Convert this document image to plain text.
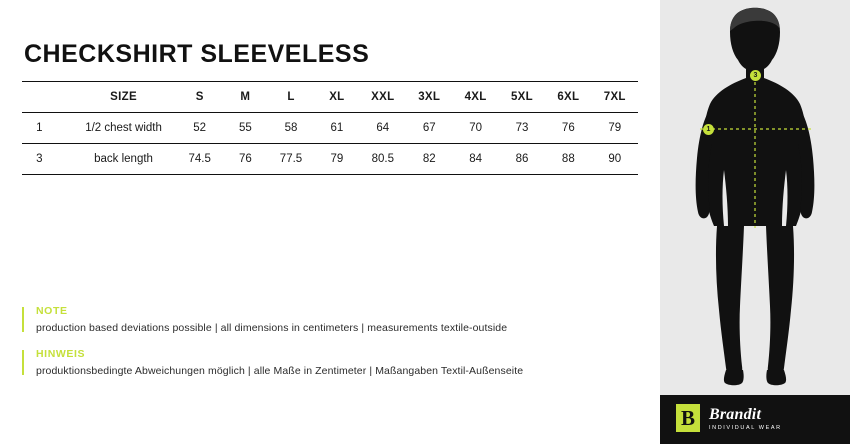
CHECKSHIRT SLEEVELESS
	SIZE	S	M	L	XL	XXL	3XL	4XL	5XL	6XL	7XL
1	1/2 chest width	52	55	58	61	64	67	70	73	76	79
3	back length	74.5	76	77.5	79	80.5	82	84	86	88	90
NOTE
production based deviations possible | all dimensions in centimeters | measurements textile-outside
HINWEIS
produktionsbedingte Abweichungen möglich | alle Maße in Zentimeter | Maßangaben Textil-Außenseite
1
3
B Brandit
INDIVIDUAL WEAR
